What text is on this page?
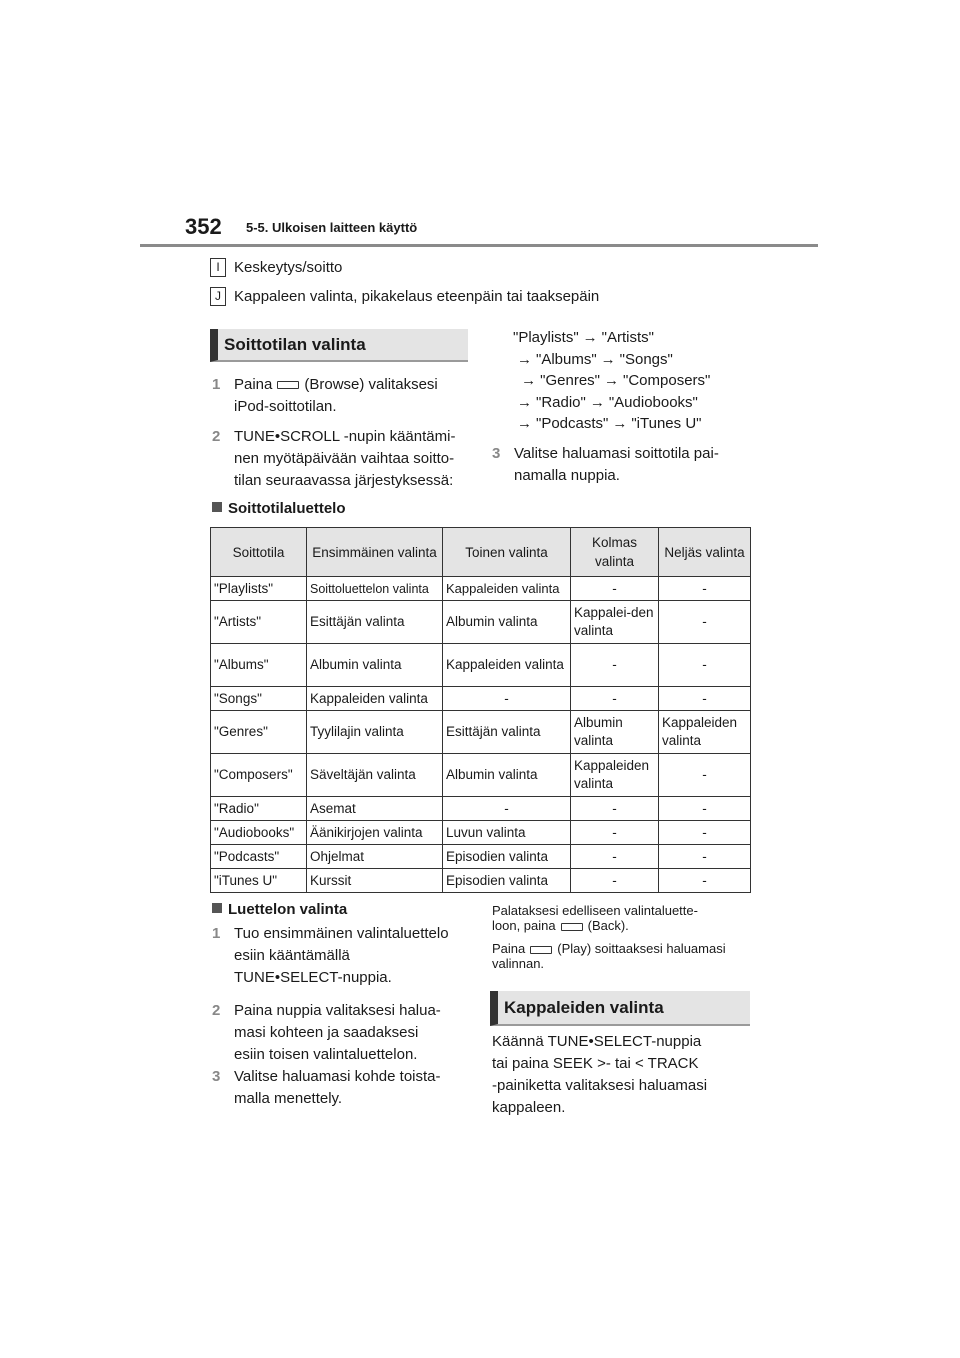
352 5-5. Ulkoisen laitteen käyttö
I Keskeytys/soitto
J Kappaleen valinta, pikakelaus eteenpäin tai taaksepäin
Soittotilan valinta
1 Paina (Browse) valitaksesi
iPod-soittotilan.
2 TUNE•SCROLL -nupin kääntämi-
nen myötäpäivään vaihtaa soitto-
tilan seuraavassa järjestyksessä:
"Playlists" → "Artists"
→ "Albums" → "Songs"
→ "Genres" → "Composers"
→ "Radio" → "Audiobooks"
→ "Podcasts" → "iTunes U"
3 Valitse haluamasi soittotila pai-
namalla nuppia.
Soittotilaluettelo
Soittotila	Ensimmäinen valinta	Toinen valinta	Kolmas valinta	Neljäs valinta
"Playlists"	Soittoluettelon valinta	Kappaleiden valinta	-	-
"Artists"	Esittäjän valinta	Albumin valinta	Kappalei-den valinta	-
"Albums"	Albumin valinta	Kappaleiden valinta	-	-
"Songs"	Kappaleiden valinta	-	-	-
"Genres"	Tyylilajin valinta	Esittäjän valinta	Albumin valinta	Kappaleiden valinta
"Composers"	Säveltäjän valinta	Albumin valinta	Kappaleiden valinta	-
"Radio"	Asemat	-	-	-
"Audiobooks"	Äänikirjojen valinta	Luvun valinta	-	-
"Podcasts"	Ohjelmat	Episodien valinta	-	-
"iTunes U"	Kurssit	Episodien valinta	-	-
Luettelon valinta
1 Tuo ensimmäinen valintaluettelo
esiin kääntämällä
TUNE•SELECT-nuppia.
2 Paina nuppia valitaksesi halua-
masi kohteen ja saadaksesi
esiin toisen valintaluettelon.
3 Valitse haluamasi kohde toista-
malla menettely.
Palataksesi edelliseen valintaluette-
loon, paina (Back).
Paina (Play) soittaaksesi haluamasi
valinnan.
Kappaleiden valinta
Käännä TUNE•SELECT-nuppia
tai paina SEEK >- tai < TRACK
-painiketta valitaksesi haluamasi
kappaleen.
